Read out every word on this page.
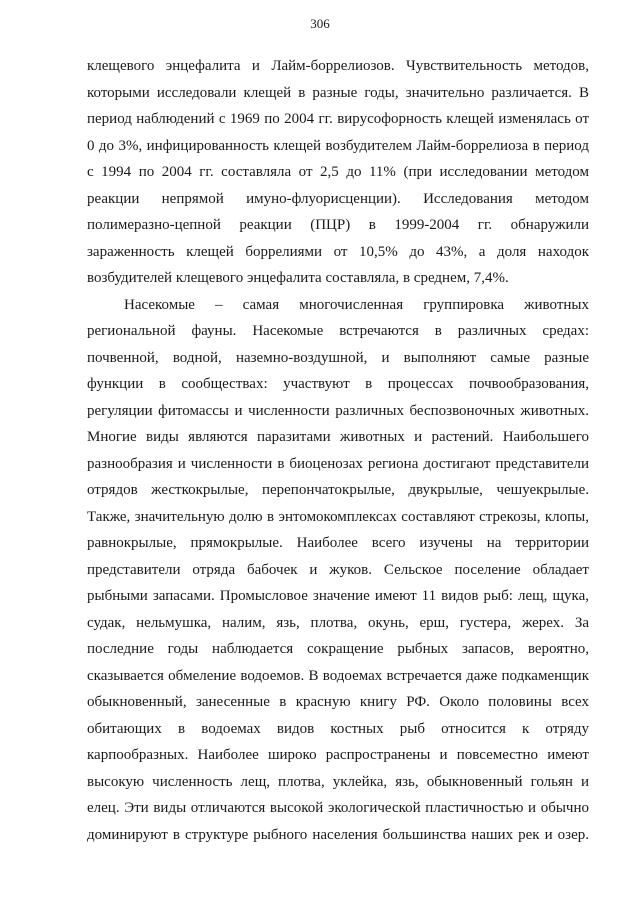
306
клещевого энцефалита и Лайм-боррелиозов. Чувствительность методов,
которыми исследовали клещей в разные годы, значительно различается. В
период наблюдений с 1969 по 2004 гг. вирусофорность клещей изменялась от
0 до 3%, инфицированность клещей возбудителем Лайм-боррелиоза в период
с 1994 по 2004 гг. составляла от 2,5 до 11% (при исследовании методом
реакции непрямой имуно-флуорисценции). Исследования методом
полимеразно-цепной реакции (ПЦР) в 1999-2004 гг. обнаружили
зараженность клещей боррелиями от 10,5% до 43%, а доля находок
возбудителей клещевого энцефалита составляла, в среднем, 7,4%.
Насекомые – самая многочисленная группировка животных
региональной фауны. Насекомые встречаются в различных средах:
почвенной, водной, наземно-воздушной, и выполняют самые разные
функции в сообществах: участвуют в процессах почвообразования,
регуляции фитомассы и численности различных беспозвоночных животных.
Многие виды являются паразитами животных и растений. Наибольшего
разнообразия и численности в биоценозах региона достигают представители
отрядов жесткокрылые, перепончатокрылые, двукрылые, чешуекрылые.
Также, значительную долю в энтомокомплексах составляют стрекозы, клопы,
равнокрылые, прямокрылые. Наиболее всего изучены на территории
представители отряда бабочек и жуков. Сельское поселение обладает
рыбными запасами. Промысловое значение имеют 11 видов рыб: лещ, щука,
судак, нельмушка, налим, язь, плотва, окунь, ерш, густера, жерех. За
последние годы наблюдается сокращение рыбных запасов, вероятно,
сказывается обмеление водоемов. В водоемах встречается даже подкаменщик
обыкновенный, занесенные в красную книгу РФ. Около половины всех
обитающих в водоемах видов костных рыб относится к отряду
карпообразных. Наиболее широко распространены и повсеместно имеют
высокую численность лещ, плотва, уклейка, язь, обыкновенный гольян и
елец. Эти виды отличаются высокой экологической пластичностью и обычно
доминируют в структуре рыбного населения большинства наших рек и озер.
